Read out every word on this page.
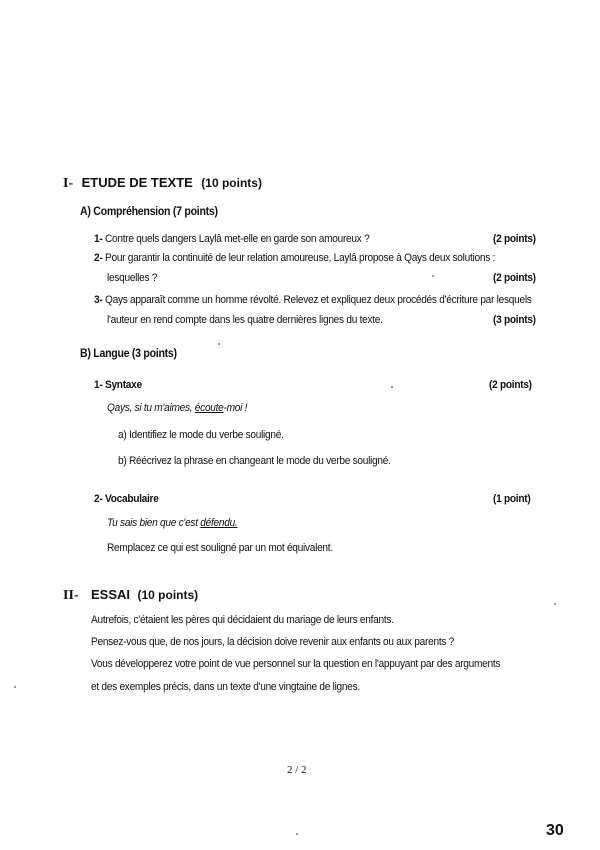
I- ETUDE DE TEXTE (10 points)
A) Compréhension (7 points)
1- Contre quels dangers Laylâ met-elle en garde son amoureux ?	(2 points)
2- Pour garantir la continuité de leur relation amoureuse, Laylâ propose à Qays deux solutions :
lesquelles ?	(2 points)
3- Qays apparaît comme un homme révolté. Relevez et expliquez deux procédés d'écriture par lesquels
l'auteur en rend compte dans les quatre dernières lignes du texte.	(3 points)
B) Langue (3 points)
1- Syntaxe	(2 points)
Qays, si tu m'aimes, écoute-moi !
a) Identifiez le mode du verbe souligné.
b) Réécrivez la phrase en changeant le mode du verbe souligné.
2- Vocabulaire	(1 point)
Tu sais bien que c'est défendu.
Remplacez ce qui est souligné par un mot équivalent.
II- ESSAI (10 points)
Autrefois, c'étaient les pères qui décidaient du mariage de leurs enfants.
Pensez-vous que, de nos jours, la décision doive revenir aux enfants ou aux parents ?
Vous développerez votre point de vue personnel sur la question en l'appuyant par des arguments
et des exemples précis, dans un texte d'une vingtaine de lignes.
2 / 2
30
